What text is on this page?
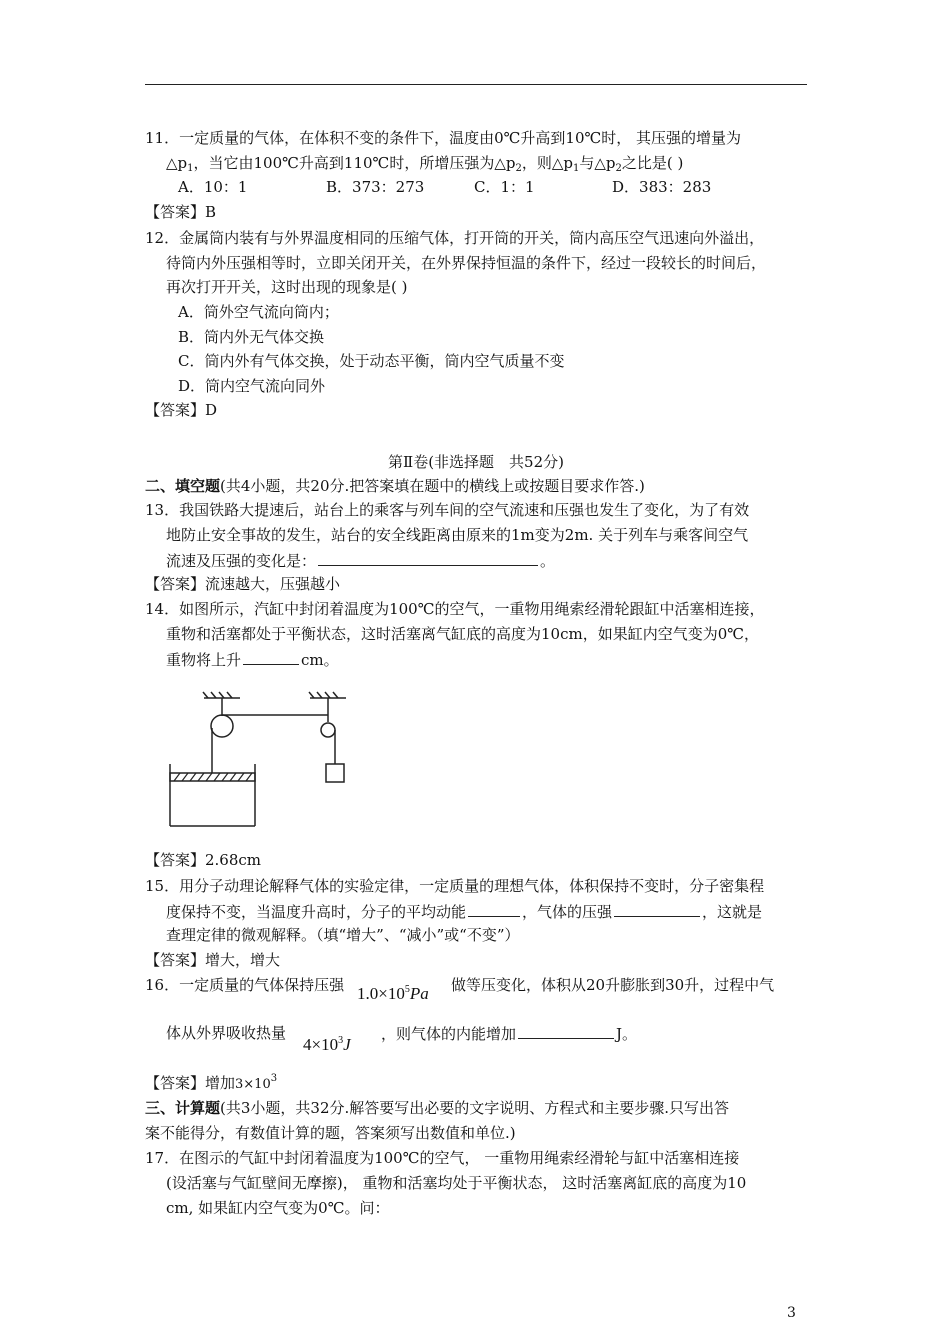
11．一定质量的气体，在体积不变的条件下，温度由0℃升高到10℃时， 其压强的增量为
$\triangle p_1$，当它由100℃升高到110℃时，所增压强为$\triangle p_2$，则$\triangle p_1$与$\triangle p_2$之比是( )
A．10：1	B．373：273	C．1：1	D．383：283
【答案】B
12．金属筒内装有与外界温度相同的压缩气体，打开筒的开关，筒内高压空气迅速向外溢出，
待筒内外压强相等时，立即关闭开关，在外界保持恒温的条件下，经过一段较长的时间后，
再次打开开关，这时出现的现象是( )
A．筒外空气流向筒内；
B．筒内外无气体交换
C．筒内外有气体交换，处于动态平衡，筒内空气质量不变
D．筒内空气流向同外
【答案】D
第Ⅱ卷(非选择题　共52分)
二、填空题(共4小题，共20分.把答案填在题中的横线上或按题目要求作答.)
13．我国铁路大提速后，站台上的乘客与列车间的空气流速和压强也发生了变化，为了有效
地防止安全事故的发生，站台的安全线距离由原来的1m变为2m. 关于列车与乘客间空气
流速及压强的变化是：	。
【答案】流速越大，压强越小
14．如图所示，汽缸中封闭着温度为100℃的空气，一重物用绳索经滑轮跟缸中活塞相连接，
重物和活塞都处于平衡状态，这时活塞离气缸底的高度为10cm，如果缸内空气变为0℃，
重物将上升	cm。
【答案】2.68cm
15．用分子动理论解释气体的实验定律，一定质量的理想气体，体积保持不变时，分子密集程
度保持不变，当温度升高时，分子的平均动能	，气体的压强	，这就是
查理定律的微观解释。（填“增大”、“减小”或“不变”）
【答案】增大，增大
16．一定质量的气体保持压强 $1.0\times 10^5Pa$ 做等压变化，体积从20升膨胀到30升，过程中气
体从外界吸收热量
$4\times 10^3J$
，则气体的内能增加	J。
【答案】增加$3\times 10^3$
三、计算题(共3小题，共32分.解答要写出必要的文字说明、方程式和主要步骤.只写出答
案不能得分，有数值计算的题，答案须写出数值和单位.)
17．在图示的气缸中封闭着温度为100℃的空气， 一重物用绳索经滑轮与缸中活塞相连接
(设活塞与气缸壁间无摩擦)， 重物和活塞均处于平衡状态， 这时活塞离缸底的高度为10
cm, 如果缸内空气变为0℃。问：
3
